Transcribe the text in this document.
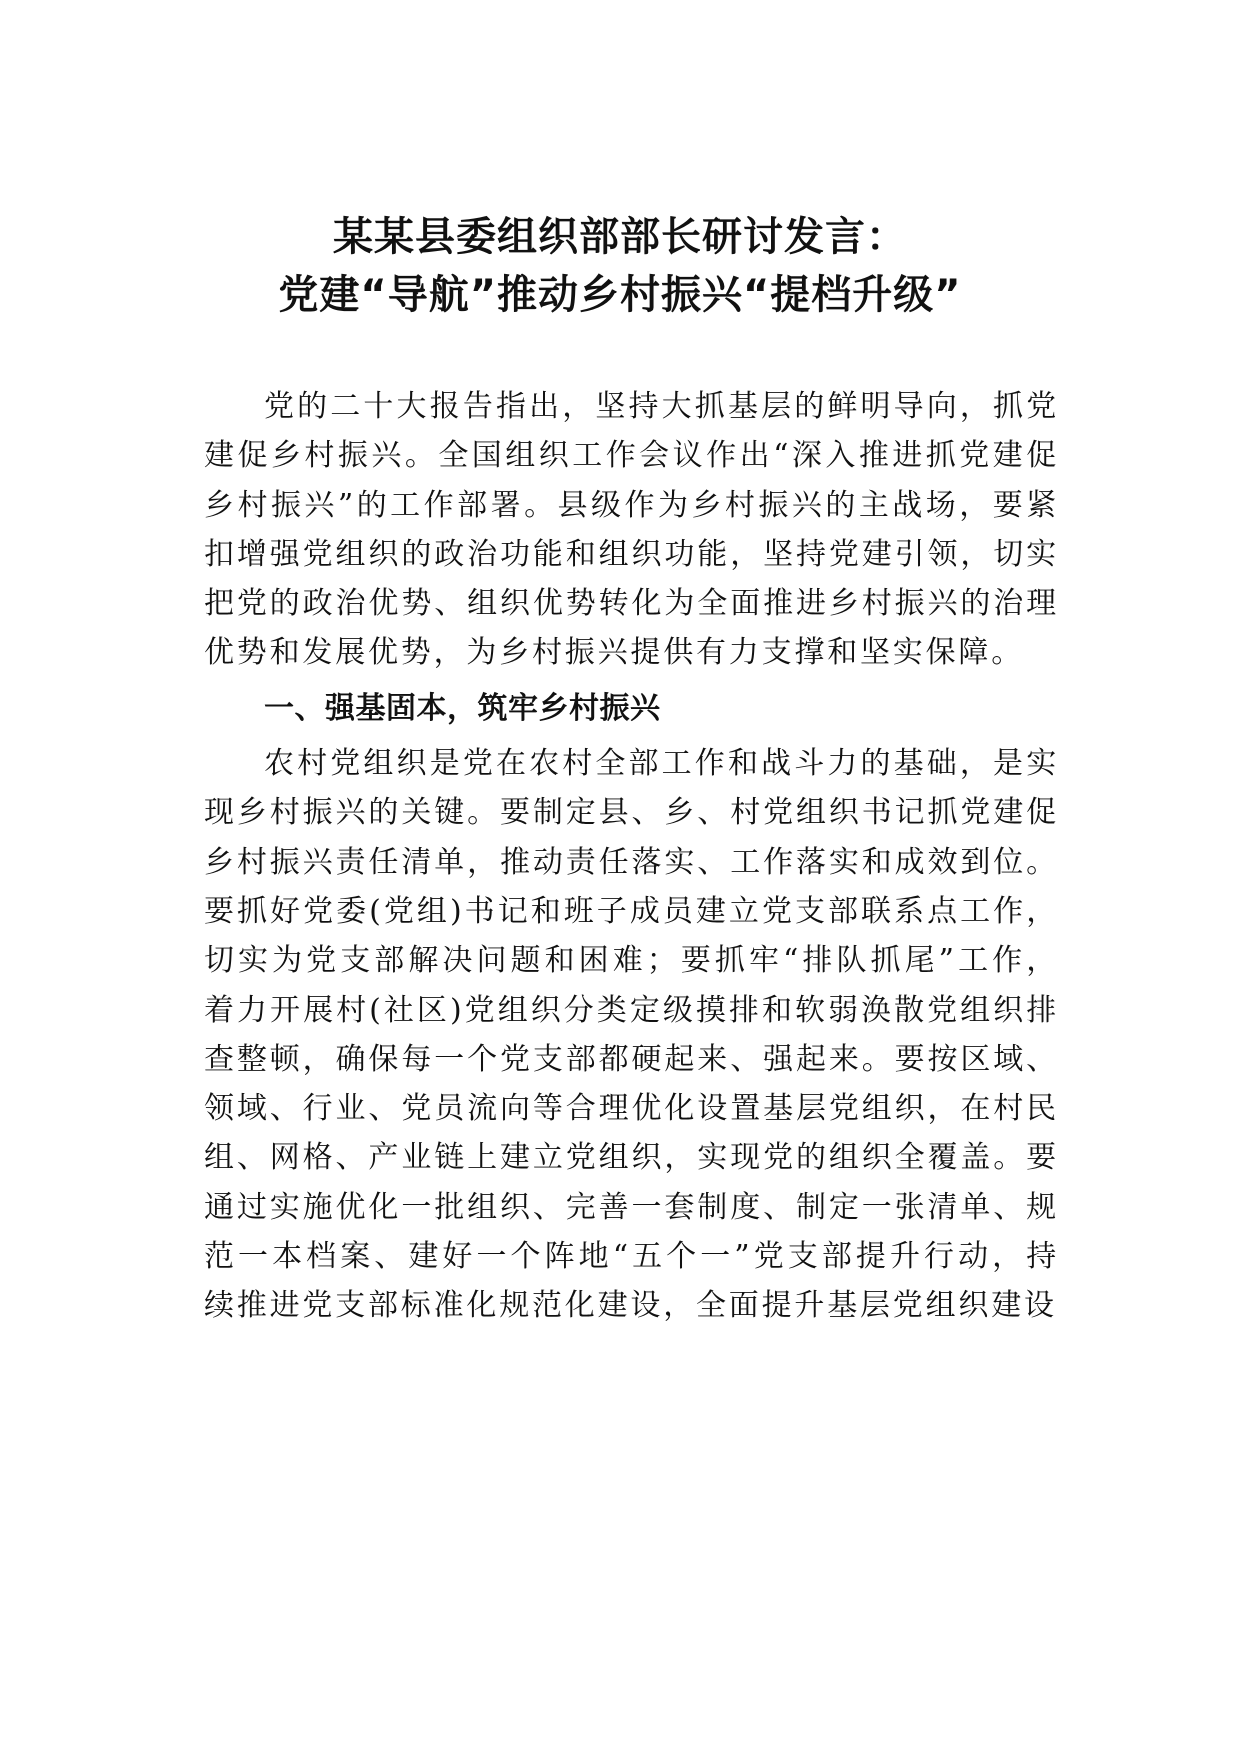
某某县委组织部部长研讨发言：
党建“导航”推动乡村振兴“提档升级”

党的二十大报告指出，坚持大抓基层的鲜明导向，抓党建促乡村振兴。全国组织工作会议作出“深入推进抓党建促乡村振兴”的工作部署。县级作为乡村振兴的主战场，要紧扣增强党组织的政治功能和组织功能，坚持党建引领，切实把党的政治优势、组织优势转化为全面推进乡村振兴的治理优势和发展优势，为乡村振兴提供有力支撑和坚实保障。

一、强基固本，筑牢乡村振兴

农村党组织是党在农村全部工作和战斗力的基础，是实现乡村振兴的关键。要制定县、乡、村党组织书记抓党建促乡村振兴责任清单，推动责任落实、工作落实和成效到位。要抓好党委(党组)书记和班子成员建立党支部联系点工作，切实为党支部解决问题和困难；要抓牢“排队抓尾”工作，着力开展村(社区)党组织分类定级摸排和软弱涣散党组织排查整顿，确保每一个党支部都硬起来、强起来。要按区域、领域、行业、党员流向等合理优化设置基层党组织，在村民组、网格、产业链上建立党组织，实现党的组织全覆盖。要通过实施优化一批组织、完善一套制度、制定一张清单、规范一本档案、建好一个阵地“五个一”党支部提升行动，持续推进党支部标准化规范化建设，全面提升基层党组织建设
